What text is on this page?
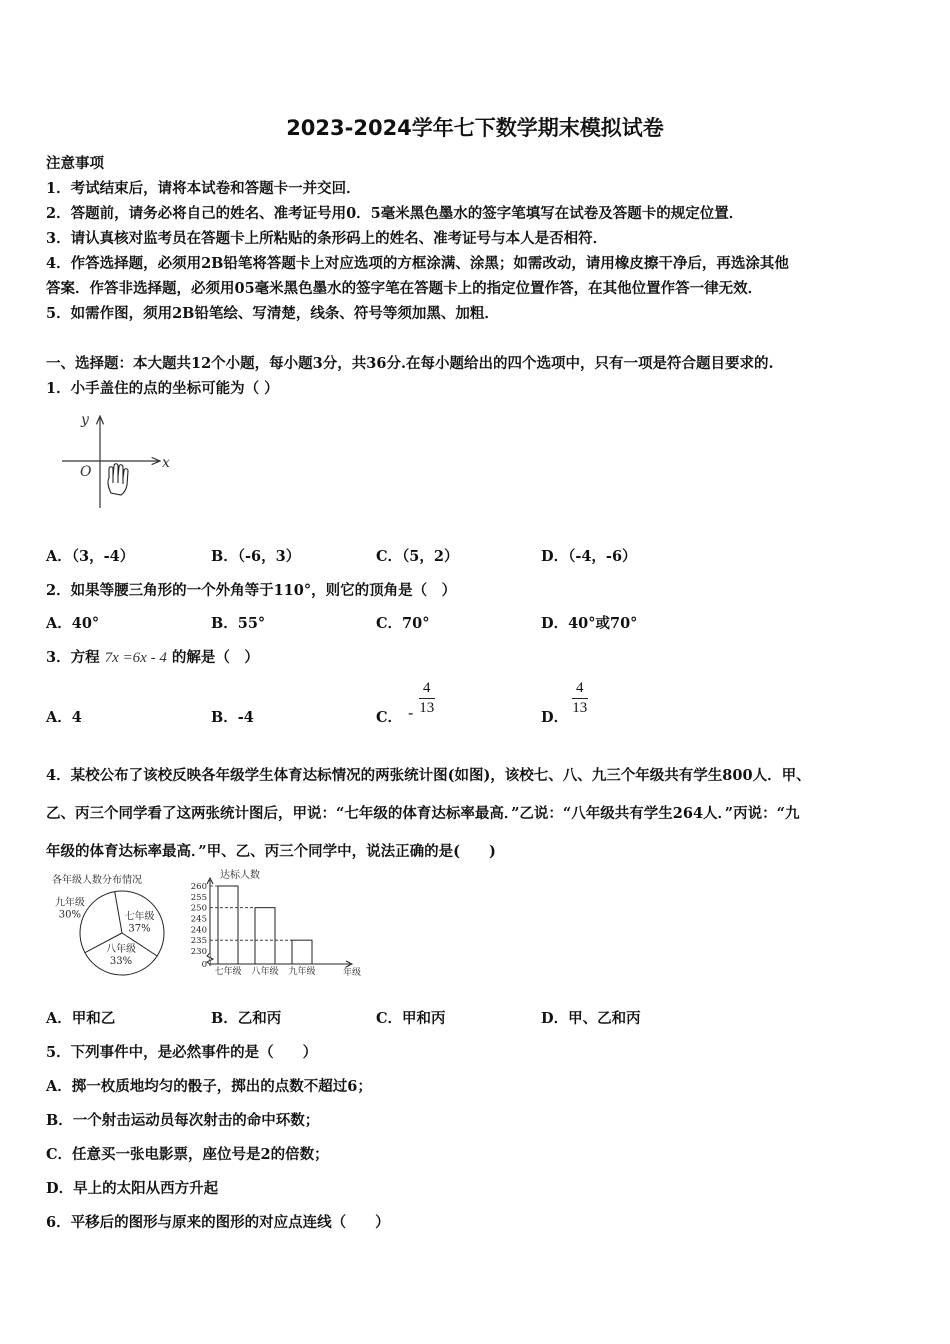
2023-2024学年七下数学期末模拟试卷
注意事项
1．考试结束后，请将本试卷和答题卡一并交回．
2．答题前，请务必将自己的姓名、准考证号用0．5毫米黑色墨水的签字笔填写在试卷及答题卡的规定位置．
3．请认真核对监考员在答题卡上所粘贴的条形码上的姓名、准考证号与本人是否相符．
4．作答选择题，必须用2B铅笔将答题卡上对应选项的方框涂满、涂黑；如需改动，请用橡皮擦干净后，再选涂其他
答案．作答非选择题，必须用05毫米黑色墨水的签字笔在答题卡上的指定位置作答，在其他位置作答一律无效．
5．如需作图，须用2B铅笔绘、写清楚，线条、符号等须加黑、加粗．
一、选择题：本大题共12个小题，每小题3分，共36分.在每小题给出的四个选项中，只有一项是符合题目要求的.
1．小手盖住的点的坐标可能为（ ）
x
y
O
A．（3，-4）	B．（-6，3）	C．（5，2）	D．（-4，-6）
2．如果等腰三角形的一个外角等于110°，则它的顶角是（　）
A．40°	B．55°	C．70°	D．40°或70°
3．方程 7x =6x - 4 的解是（　）
A．4	B．-4	C． -
4
13
D．
4
13
4．某校公布了该校反映各年级学生体育达标情况的两张统计图(如图)，该校七、八、九三个年级共有学生800人．甲、
乙、丙三个同学看了这两张统计图后，甲说：“七年级的体育达标率最高．”乙说：“八年级共有学生264人．”丙说：“九
年级的体育达标率最高．”甲、乙、丙三个同学中，说法正确的是(　　)
各年级人数分布情况
七年级
37%
八年级
33%
九年级
30%
达标人数
0
230
235
240
245
250
255
260
七年级 八年级 九年级	年级
A．甲和乙	B．乙和丙	C．甲和丙	D．甲、乙和丙
5．下列事件中，是必然事件的是（　　）
A．掷一枚质地均匀的骰子，掷出的点数不超过6；
B．一个射击运动员每次射击的命中环数；
C．任意买一张电影票，座位号是2的倍数；
D．早上的太阳从西方升起
6．平移后的图形与原来的图形的对应点连线（　　）
